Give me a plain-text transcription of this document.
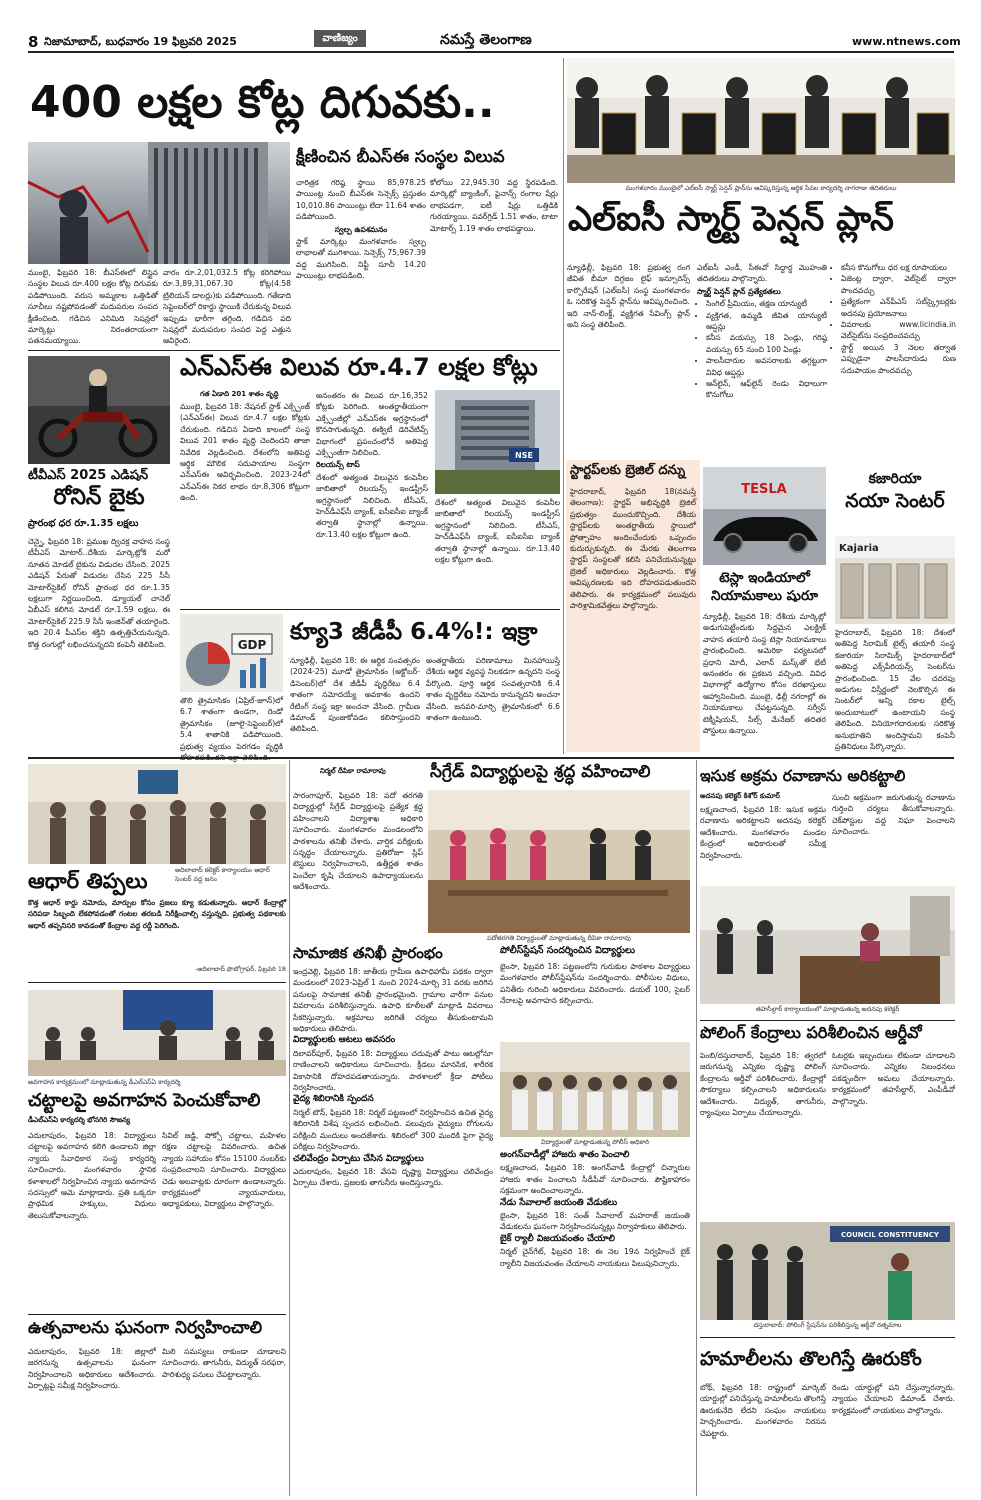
8 నిజామాబాద్, బుధవారం 19 ఫిబ్రవరి 2025	వాణిజ్యం	నమస్తే తెలంగాణ	www.ntnews.com
400 లక్షల కోట్ల దిగువకు..
క్షీణించిన బీఎస్‌ఈ సంస్థల విలువ
ముంబై, ఫిబ్రవరి 18: బీఎస్‌ఈలో లిస్టైన సంస్థల విలువ రూ.400 లక్షల కోట్ల దిగువకు పడిపోయింది. వరుస అమ్మకాల ఒత్తిడితో సూచీలు నష్టపోవడంతో మదుపరుల సంపద క్షీణించింది. గడిచిన ఎనిమిది సెషన్లలో మార్కెట్లు నిరంతరాయంగా పతనమయ్యాయి.
వారం రూ.2,01,032.5 కోట్ల కరిగిపోయి రూ.3,89,31,067.30 కోట్ల(4.58 ట్రిలియన్ డాలర్లు)కు పడిపోయింది. గతేడాది సెప్టెంబర్‌లో రికార్డు స్థాయికి చేరుకున్న విలువ ఇప్పుడు భారీగా తగ్గింది. గడిచిన పది సెషన్లలో మదుపరుల సంపద పెద్ద ఎత్తున ఆవిరైంది.

చారిత్రక గరిష్ఠ స్థాయి 85,978.25 పాయింట్ల నుంచి బీఎస్‌ఈ సెన్సెక్స్ ప్రస్తుతం 10,010.86 పాయింట్లు లేదా 11.64 శాతం పడిపోయింది.

స్వల్ప ఉపశమనం

స్టాక్ మార్కెట్లు మంగళవారం స్వల్ప లాభాలతో ముగిశాయి. సెన్సెక్స్ 75,967.39 వద్ద ముగిసింది. నిఫ్టీ సూచీ 14.20 పాయింట్లు లాభపడింది.

కోలోయి 22,945.30 వద్ద స్థిరపడింది. మార్కెట్లో బ్యాంకింగ్, ఫైనాన్స్ రంగాల షేర్లు లాభపడగా, ఐటీ షేర్లు ఒత్తిడికి గురయ్యాయి. పవర్‌గ్రిడ్ 1.51 శాతం, టాటా మోటార్స్ 1.19 శాతం లాభపడ్డాయి.
మంగళవారం ముంబైలో ఎల్‌ఐసీ స్మార్ట్ పెన్షన్ ప్లాన్‌ను ఆవిష్కరిస్తున్న ఆర్థిక సేవల కార్యదర్శి నాగరాజు తదితరులు
ఎల్‌ఐసీ స్మార్ట్ పెన్షన్ ప్లాన్
న్యూఢిల్లీ, ఫిబ్రవరి 18: ప్రభుత్వ రంగ జీవిత బీమా దిగ్గజం లైఫ్ ఇన్సూరెన్స్ కార్పొరేషన్ (ఎల్‌ఐసీ) సంస్థ మంగళవారం ఓ సరికొత్త పెన్షన్ ప్లాన్‌ను ఆవిష్కరించింది. ఇది నాన్-లింక్డ్, వ్యక్తిగత సేవింగ్స్ ప్లాన్ అని సంస్థ తెలిపింది.

ఎల్‌ఐసీ ఎండీ, సీఈవో సిద్ధార్థ మొహంతి తదితరులు పాల్గొన్నారు.

స్మార్ట్ పెన్షన్ ప్లాన్ ప్రత్యేకతలు

• సింగిల్ ప్రీమియం, తక్షణ యాన్యుటీ
• వ్యక్తిగత, ఉమ్మడి జీవిత యాన్యుటీ ఆప్షన్లు
• కనీస వయస్సు 18 ఏండ్లు, గరిష్ఠ వయస్సు 65 నుంచి 100 ఏండ్లు
• పాలసీదారుల అవసరాలకు తగ్గట్టుగా వివిధ ఆప్షన్లు
• ఆన్‌లైన్, ఆఫ్‌లైన్ రెండు విధాలుగా కొనుగోలు
• కనీస కొనుగోలు ధర లక్ష రూపాయలు
• ఏజెంట్ల ద్వారా, వెబ్‌సైట్ ద్వారా పొందవచ్చు
• ప్రత్యేకంగా ఎన్‌పీఎస్ సబ్‌స్క్రైబర్లకు అదనపు ప్రయోజనాలు
• వివరాలకు www.licindia.in వెబ్‌సైట్‌ను సంప్రదించవచ్చు
• స్టార్ట్ అయిన 3 నెలల తర్వాత ఎప్పుడైనా పాలసీదారుడు రుణ సదుపాయం పొందవచ్చు
టీవీఎస్ 2025 ఎడిషన్
రోనిన్ బైకు
ప్రారంభ ధర రూ.1.35 లక్షలు
చెన్నై, ఫిబ్రవరి 18: ప్రముఖ ద్విచక్ర వాహన సంస్థ టీవీఎస్ మోటార్..దేశీయ మార్కెట్లోకి మరో నూతన మోడల్ బైకును విడుదల చేసింది. 2025 ఎడిషన్ పేరుతో విడుదల చేసిన 225 సీసీ మోటార్‌సైకిల్ రోనిన్ ప్రారంభ ధర రూ.1.35 లక్షలుగా నిర్ణయించింది. డ్యూయల్ చానెల్ ఏబీఎస్ కలిగిన మోడల్ రూ.1.59 లక్షలు. ఈ మోటార్‌సైకిల్ 225.9 సీసీ ఇంజిన్‌తో తయారైంది. ఇది 20.4 పీఎస్‌ల శక్తిని ఉత్పత్తిచేయనున్నది. కొత్త రంగుల్లో లభించనున్నదని కంపెనీ తెలిపింది.
ఎన్‌ఎస్‌ఈ విలువ రూ.4.7 లక్షల కోట్లు
గత ఏడాది 201 శాతం వృద్ధి
ముంబై, ఫిబ్రవరి 18: నేషనల్ స్టాక్ ఎక్స్చేంజ్ (ఎన్‌ఎస్‌ఈ) విలువ రూ.4.7 లక్షల కోట్లకు చేరుకుంది. గడిచిన ఏడాది కాలంలో సంస్థ విలువ 201 శాతం వృద్ధి చెందిందని తాజా నివేదిక వెల్లడించింది. దేశంలోని అతిపెద్ద ఆర్థిక మౌలిక సదుపాయాల సంస్థగా ఎన్‌ఎస్‌ఈ ఆవిర్భవించింది. 2023-24లో ఎన్‌ఎస్‌ఈ నికర లాభం రూ.8,306 కోట్లుగా ఉంది.

అనంతరం ఈ విలువ రూ.16,352 కోట్లకు పెరిగింది. అంతర్జాతీయంగా ఎక్స్చేంజీల్లో ఎన్‌ఎస్‌ఈ అగ్రస్థానంలో కొనసాగుతున్నది. ఈక్విటీ డెరివేటివ్స్ విభాగంలో ప్రపంచంలోనే అతిపెద్ద ఎక్స్చేంజీగా నిలిచింది.

రిలయన్స్ టాప్

దేశంలో అత్యంత విలువైన కంపెనీల జాబితాలో రిలయన్స్ ఇండస్ట్రీస్ అగ్రస్థానంలో నిలిచింది. టీసీఎస్, హెచ్‌డీఎఫ్‌సీ బ్యాంక్, ఐసీఐసీఐ బ్యాంక్ తర్వాతి స్థానాల్లో ఉన్నాయి. రూ.13.40 లక్షల కోట్లుగా ఉంది.

NSE
దేశంలో అత్యంత విలువైన కంపెనీల జాబితాలో రిలయన్స్ ఇండస్ట్రీస్ అగ్రస్థానంలో నిలిచింది. టీసీఎస్, హెచ్‌డీఎఫ్‌సీ బ్యాంక్, ఐసీఐసీఐ బ్యాంక్ తర్వాతి స్థానాల్లో ఉన్నాయి. రూ.13.40 లక్షల కోట్లుగా ఉంది.
GDP క్యూ3 జీడీపీ 6.4%!: ఇక్రా
తొలి త్రైమాసికం (ఏప్రిల్-జూన్)లో 6.7 శాతంగా ఉండగా, రెండో త్రైమాసికం (జూలై-సెప్టెంబర్)లో 5.4 శాతానికి పడిపోయింది. ప్రభుత్వ వ్యయం పెరగడం వృద్ధికి
న్యూఢిల్లీ, ఫిబ్రవరి 18: ఈ ఆర్థిక సంవత్సరం (2024-25) మూడో త్రైమాసికం (అక్టోబర్-డిసెంబర్)లో దేశ జీడీపీ వృద్ధిరేటు 6.4 శాతంగా నమోదయ్యే అవకాశం ఉందని రేటింగ్ సంస్థ ఇక్రా అంచనా వేసింది. గ్రామీణ డిమాండ్ పుంజుకోవడం కలిసొస్తుందని తెలిపింది.
అంతర్జాతీయ పరిణామాలు మినహాయిస్తే దేశీయ ఆర్థిక వ్యవస్థ నిలకడగా ఉన్నదని సంస్థ పేర్కొంది. పూర్తి ఆర్థిక సంవత్సరానికి 6.4 శాతం వృద్ధిరేటు నమోదు కానున్నదని అంచనా వేసింది. జనవరి-మార్చి త్రైమాసికంలో 6.6 శాతంగా ఉంటుంది.
స్టార్టప్‌లకు బ్రెజిల్ దన్ను
హైదరాబాద్, ఫిబ్రవరి 18(నమస్తే తెలంగాణ): స్టార్టప్ అభివృద్ధికి బ్రెజిల్ ప్రభుత్వం ముందుకొచ్చింది. దేశీయ స్టార్టప్‌లకు అంతర్జాతీయ స్థాయిలో ప్రోత్సాహం అందించేందుకు ఒప్పందం కుదుర్చుకున్నది. ఈ మేరకు తెలంగాణ స్టార్టప్ సంస్థలతో కలిసి పనిచేయనున్నట్టు బ్రెజిల్ అధికారులు వెల్లడించారు. కొత్త ఆవిష్కరణలకు ఇది దోహదపడుతుందని తెలిపారు. ఈ కార్యక్రమంలో పలువురు పారిశ్రామికవేత్తలు పాల్గొన్నారు.
TESLA
టెస్లా ఇండియాలో
నియామకాలు షురూ
న్యూఢిల్లీ, ఫిబ్రవరి 18: దేశీయ మార్కెట్లో అడుగుపెట్టేందుకు సిద్ధమైన ఎలక్ట్రిక్ వాహన తయారీ సంస్థ టెస్లా నియామకాలు ప్రారంభించింది. అమెరికా పర్యటనలో ప్రధాని మోదీ, ఎలాన్ మస్క్‌తో భేటీ అనంతరం ఈ ప్రకటన వచ్చింది. వివిధ విభాగాల్లో ఉద్యోగాల కోసం దరఖాస్తులు ఆహ్వానించింది. ముంబై, ఢిల్లీ నగరాల్లో ఈ నియామకాలు చేపట్టనున్నది. సర్వీస్ టెక్నీషియన్, సేల్స్ మేనేజర్ తదితర పోస్టులు ఉన్నాయి.
కజారియా
నయా సెంటర్
Kajaria
హైదరాబాద్, ఫిబ్రవరి 18: దేశంలో అతిపెద్ద సిరామిక్ టైల్స్ తయారీ సంస్థ కజారియా సిరామిక్స్ హైదరాబాద్‌లో అతిపెద్ద ఎక్స్‌పీరియన్స్ సెంటర్‌ను ప్రారంభించింది. 15 వేల చదరపు అడుగుల విస్తీర్ణంలో నెలకొల్పిన ఈ సెంటర్‌లో అన్ని రకాల టైల్స్ అందుబాటులో ఉంటాయని సంస్థ తెలిపింది. వినియోగదారులకు సరికొత్త అనుభూతిని అందిస్తామని కంపెనీ ప్రతినిధులు పేర్కొన్నారు.
ఆధార్ తిప్పలు	అదిలాబాద్ కలెక్టర్ కార్యాలయం ఆధార్ సెంటర్ వద్ద జనం
కొత్త ఆధార్ కార్డు నమోదు, మార్పుల కోసం ప్రజలు క్యూ కడుతున్నారు. ఆధార్ కేంద్రాల్లో సరిపడా సిబ్బంది లేకపోవడంతో గంటల తరబడి నిరీక్షించాల్సి వస్తున్నది. ప్రభుత్వ పథకాలకు ఆధార్ తప్పనిసరి కావడంతో కేంద్రాల వద్ద రద్దీ పెరిగింది.
-అదిలాబాద్ ఫొటోగ్రాఫర్, ఫిబ్రవరి 18
అవగాహన కార్యక్రమంలో మాట్లాడుతున్న డీఎల్‌ఎస్‌ఏ కార్యదర్శి
చట్టాలపై అవగాహన పెంచుకోవాలి
డీఎల్‌ఎస్‌ఏ కార్యదర్శి భోనగిరి సౌజన్య
ఎదులాపురం, ఫిబ్రవరి 18: విద్యార్థులు చట్టాలపై అవగాహన కలిగి ఉండాలని జిల్లా న్యాయ సేవాధికార సంస్థ కార్యదర్శి సూచించారు. మంగళవారం స్థానిక కళాశాలలో నిర్వహించిన న్యాయ అవగాహన సదస్సులో ఆమె మాట్లాడారు. ప్రతి ఒక్కరూ ప్రాథమిక హక్కులు, విధులు తెలుసుకోవాలన్నారు.
సివిల్ జడ్జి, పోక్సో చట్టాలు, మహిళల రక్షణ చట్టాలపై వివరించారు. ఉచిత న్యాయ సహాయం కోసం 15100 నంబర్‌కు సంప్రదించాలని సూచించారు. విద్యార్థులు చెడు అలవాట్లకు దూరంగా ఉండాలన్నారు. కార్యక్రమంలో న్యాయవాదులు, అధ్యాపకులు, విద్యార్థులు పాల్గొన్నారు.
ఉత్సవాలను ఘనంగా నిర్వహించాలి
ఎదులాపురం, ఫిబ్రవరి 18: జిల్లాలో జరగనున్న ఉత్సవాలను ఘనంగా నిర్వహించాలని అధికారులు ఆదేశించారు. ఏర్పాట్లపై సమీక్ష నిర్వహించారు.
మిలి సమస్యలు రాకుండా చూడాలని సూచించారు. తాగునీరు, విద్యుత్ సరఫరా, పారిశుధ్య పనులు చేపట్టాలన్నారు.
నిర్మల్ దీపికా రామారావు	సీగ్రేడ్ విద్యార్థులపై శ్రద్ధ వహించాలి
సారంగాపూర్, ఫిబ్రవరి 18: పదో తరగతి విద్యార్థుల్లో సీగ్రేడ్ విద్యార్థులపై ప్రత్యేక శ్రద్ధ వహించాలని విద్యాశాఖ అధికారి సూచించారు. మంగళవారం మండలంలోని పాఠశాలను తనిఖీ చేశారు. వార్షిక పరీక్షలకు సన్నద్ధం చేయాలన్నారు. ప్రతిరోజూ స్లిప్ టెస్టులు నిర్వహించాలని, ఉత్తీర్ణత శాతం పెంచేలా కృషి చేయాలని ఉపాధ్యాయులను ఆదేశించారు.
పదోతరగతి విద్యార్థులతో మాట్లాడుతున్న దీపికా రామారావు
సామాజిక తనిఖీ ప్రారంభం

ఇంద్రవెల్లి, ఫిబ్రవరి 18: జాతీయ గ్రామీణ ఉపాధిహామీ పథకం ద్వారా మండలంలో 2023-ఏప్రిల్ 1 నుంచి 2024-మార్చి 31 వరకు జరిగిన పనులపై సామాజిక తనిఖీ ప్రారంభమైంది. గ్రామాల వారీగా పనుల వివరాలను పరిశీలిస్తున్నారు. ఉపాధి కూలీలతో మాట్లాడి వివరాలు సేకరిస్తున్నారు. అక్రమాలు జరిగితే చర్యలు తీసుకుంటామని అధికారులు తెలిపారు.

విద్యార్థులకు ఆటలు అవసరం

దిలావర్‌పూర్, ఫిబ్రవరి 18: విద్యార్థులు చదువుతో పాటు ఆటల్లోనూ రాణించాలని అధికారులు సూచించారు. క్రీడలు మానసిక, శారీరక వికాసానికి దోహదపడతాయన్నారు. పాఠశాలలో క్రీడా పోటీలు నిర్వహించారు.

వైద్య శిబిరానికి స్పందన

నిర్మల్ టౌన్, ఫిబ్రవరి 18: నిర్మల్ పట్టణంలో నిర్వహించిన ఉచిత వైద్య శిబిరానికి విశేష స్పందన లభించింది. పలువురు వైద్యులు రోగులను పరీక్షించి మందులు అందజేశారు. శిబిరంలో 300 మందికి పైగా వైద్య పరీక్షలు నిర్వహించారు.

చలివేంద్రం ఏర్పాటు చేసిన విద్యార్థులు

ఎదులాపురం, ఫిబ్రవరి 18: వేసవి దృష్ట్యా విద్యార్థులు చలివేంద్రం ఏర్పాటు చేశారు. ప్రజలకు తాగునీరు అందిస్తున్నారు.

పోలీస్‌స్టేషన్ సందర్శించిన విద్యార్థులు
భైంసా, ఫిబ్రవరి 18: పట్టణంలోని గురుకుల పాఠశాల విద్యార్థులు మంగళవారం పోలీస్‌స్టేషన్‌ను సందర్శించారు. పోలీసుల విధులు, పనితీరు గురించి అధికారులు వివరించారు. డయల్ 100, సైబర్ నేరాలపై అవగాహన కల్పించారు.
విద్యార్థులతో మాట్లాడుతున్న పోలీస్ అధికారి

అంగన్‌వాడీల్లో హాజరు శాతం పెంచాలి

లక్ష్మణచాంద, ఫిబ్రవరి 18: అంగన్‌వాడీ కేంద్రాల్లో చిన్నారుల హాజరు శాతం పెంచాలని సీడీపీవో సూచించారు. పౌష్టికాహారం సక్రమంగా అందించాలన్నారు.

నేడు సేవాలాల్ జయంతి వేడుకలు

భైంసా, ఫిబ్రవరి 18: సంత్ సేవాలాల్ మహరాజ్ జయంతి వేడుకలను ఘనంగా నిర్వహించనున్నట్లు నిర్వాహకులు తెలిపారు.

బైక్ ర్యాలీ విజయవంతం చేయాలి

నిర్మల్ చైన్‌గేట్, ఫిబ్రవరి 18: ఈ నెల 19న నిర్వహించే బైక్ ర్యాలీని విజయవంతం చేయాలని నాయకులు పిలుపునిచ్చారు.

ఇసుక అక్రమ రవాణాను అరికట్టాలి
అదనపు కలెక్టర్ కిశోర్ కుమార్
లక్ష్మణచాంద, ఫిబ్రవరి 18: ఇసుక అక్రమ రవాణాను అరికట్టాలని అదనపు కలెక్టర్ ఆదేశించారు. మంగళవారం మండల కేంద్రంలో అధికారులతో సమీక్ష నిర్వహించారు.
సుంచి అక్రమంగా జరుగుతున్న రవాణాను గుర్తించి చర్యలు తీసుకోవాలన్నారు. చెక్‌పోస్టుల వద్ద నిఘా పెంచాలని సూచించారు.
తహసీల్దార్ కార్యాలయంలో మాట్లాడుతున్న అదనపు కలెక్టర్
పోలింగ్ కేంద్రాలు పరిశీలించిన ఆర్డీవో
పెంబి/దస్తురాబాద్, ఫిబ్రవరి 18: త్వరలో జరుగనున్న ఎన్నికల దృష్ట్యా పోలింగ్ కేంద్రాలను ఆర్డీవో పరిశీలించారు. కేంద్రాల్లో సౌకర్యాలు కల్పించాలని అధికారులను ఆదేశించారు. విద్యుత్, తాగునీరు, ర్యాంపులు ఏర్పాటు చేయాలన్నారు.
ఓటర్లకు ఇబ్బందులు లేకుండా చూడాలని సూచించారు. ఎన్నికల నిబంధనలు పకడ్బందీగా అమలు చేయాలన్నారు. కార్యక్రమంలో తహసీల్దార్, ఎంపీడీవో పాల్గొన్నారు.
COUNCIL CONSTITUENCY
దస్తురాబాద్: పోలింగ్ స్టేషన్‌ను పరిశీలిస్తున్న ఆర్డీవో రత్నమాల
హమాలీలను తొలగిస్తే ఊరుకోం
బోథ్, ఫిబ్రవరి 18: రాష్ట్రంలో మార్కెట్ యార్డుల్లో పనిచేస్తున్న హమాలీలను తొలగిస్తే ఊరుకునేది లేదని సంఘం నాయకులు హెచ్చరించారు. మంగళవారం నిరసన చేపట్టారు.
రెండు యార్డుల్లో పని చేస్తున్నారన్నారు. న్యాయం చేయాలని డిమాండ్ చేశారు. కార్యక్రమంలో నాయకులు పాల్గొన్నారు.
